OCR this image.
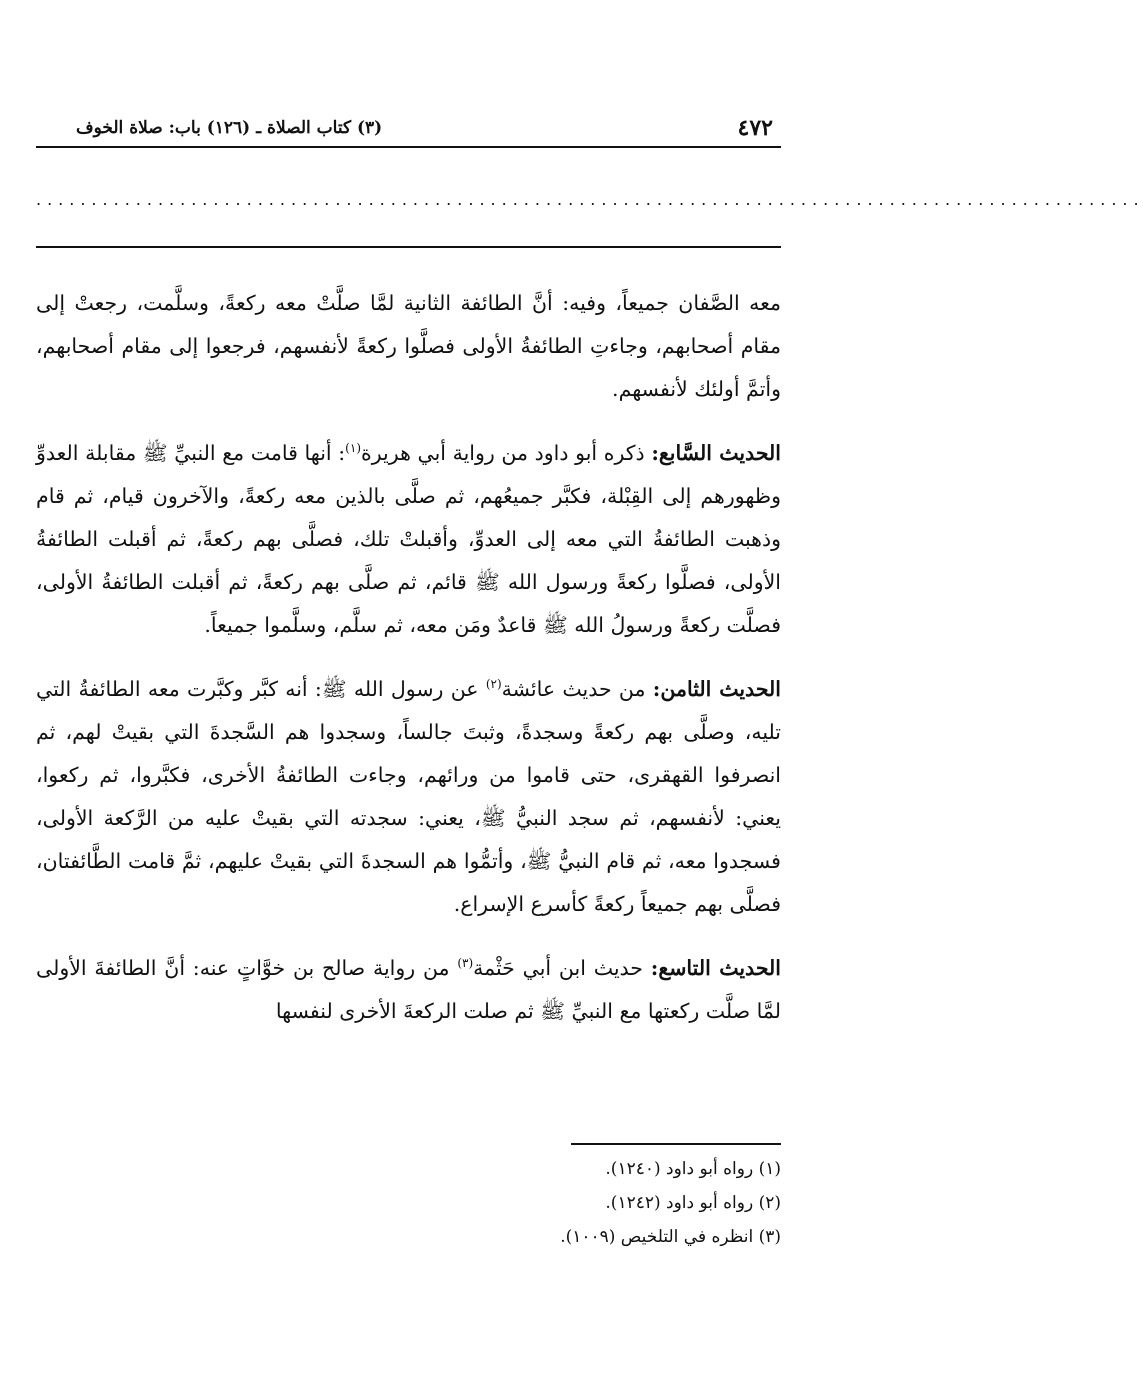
٤٧٢
(٣) كتاب الصلاة ـ (١٢٦) باب: صلاة الخوف
....................................................................................................

معه الصَّفان جميعاً، وفيه: أنَّ الطائفة الثانية لمَّا صلَّتْ معه ركعةً، وسلَّمت، رجعتْ إلى مقام أصحابهم، وجاءتِ الطائفةُ الأولى فصلَّوا ركعةً لأنفسهم، فرجعوا إلى مقام أصحابهم، وأتمَّ أولئك لأنفسهم.

الحديث السَّابع: ذكره أبو داود من رواية أبي هريرة$^{(١)}$: أنها قامت مع النبيِّ ﷺ مقابلة العدوِّ وظهورهم إلى القِبْلة، فكبَّر جميعُهم، ثم صلَّى بالذين معه ركعةً، والآخرون قيام، ثم قام وذهبت الطائفةُ التي معه إلى العدوِّ، وأقبلتْ تلك، فصلَّى بهم ركعةً، ثم أقبلت الطائفةُ الأولى، فصلَّوا ركعةً ورسول الله ﷺ قائم، ثم صلَّى بهم ركعةً، ثم أقبلت الطائفةُ الأولى، فصلَّت ركعةً ورسولُ الله ﷺ قاعدٌ ومَن معه، ثم سلَّم، وسلَّموا جميعاً.

الحديث الثامن: من حديث عائشة$^{(٢)}$ عن رسول الله ﷺ: أنه كبَّر وكبَّرت معه الطائفةُ التي تليه، وصلَّى بهم ركعةً وسجدةً، وثبتَ جالساً، وسجدوا هم السَّجدةَ التي بقيتْ لهم، ثم انصرفوا القهقرى، حتى قاموا من ورائهم، وجاءت الطائفةُ الأخرى، فكبَّروا، ثم ركعوا، يعني: لأنفسهم، ثم سجد النبيُّ ﷺ، يعني: سجدته التي بقيتْ عليه من الرَّكعة الأولى، فسجدوا معه، ثم قام النبيُّ ﷺ، وأتمُّوا هم السجدةَ التي بقيتْ عليهم، ثمَّ قامت الطَّائفتان، فصلَّى بهم جميعاً ركعةً كأسرع الإسراع.

الحديث التاسع: حديث ابن أبي حَثْمة$^{(٣)}$ من رواية صالح بن خوَّاتٍ عنه: أنَّ الطائفةَ الأولى لمَّا صلَّت ركعتها مع النبيِّ ﷺ ثم صلت الركعةَ الأخرى لنفسها

(١) رواه أبو داود (١٢٤٠).

(٢) رواه أبو داود (١٢٤٢).

(٣) انظره في التلخيص (١٠٠٩).
